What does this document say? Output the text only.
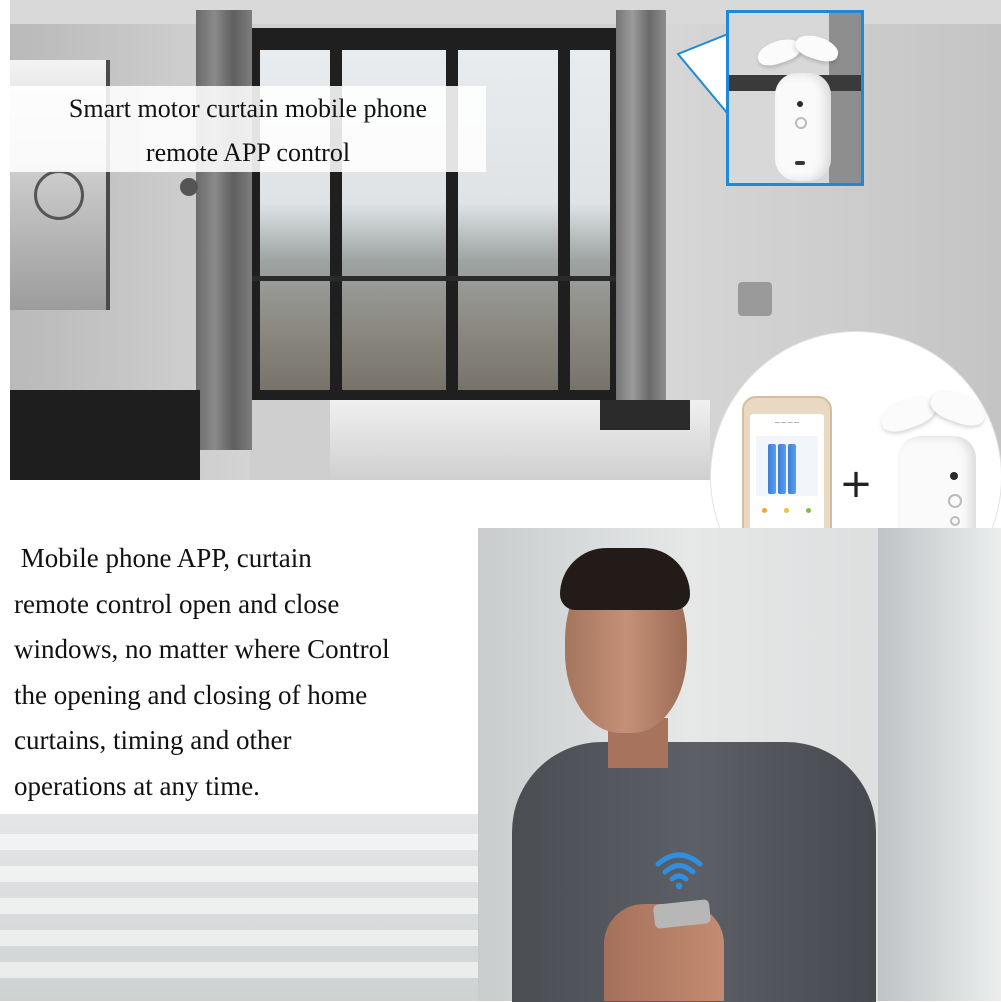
Smart motor curtain mobile phone

remote APP control

— — — —
+

Mobile phone APP, curtain

remote control open and close

windows, no matter where Control

the opening and closing of home

curtains, timing and other

operations at any time.
